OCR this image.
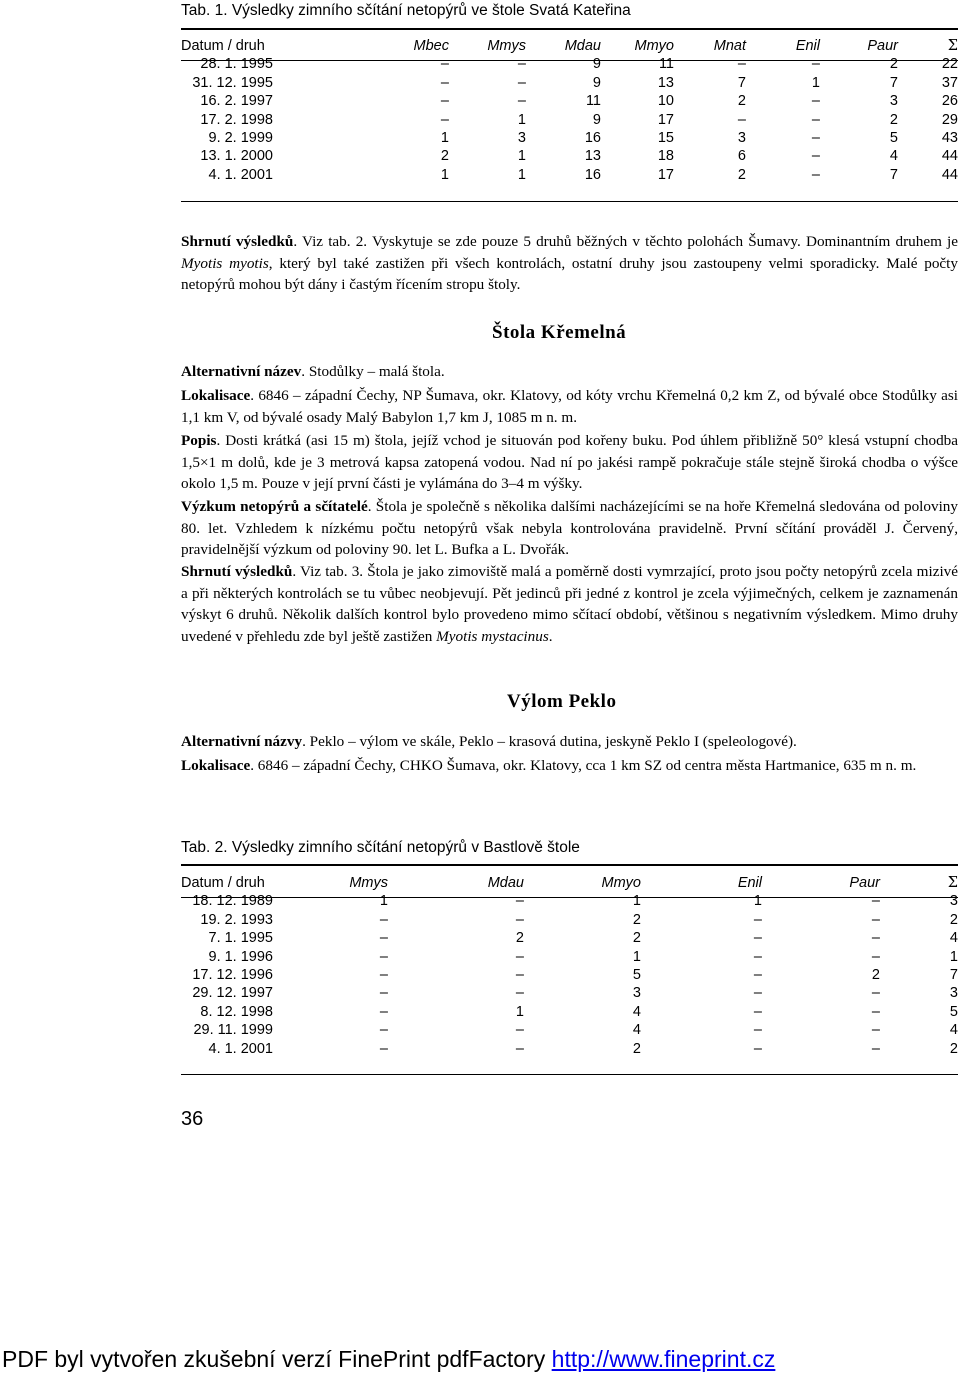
Tab. 1. Výsledky zimního sčítání netopýrů ve štole Svatá Kateřina
Datum / druh	Mbec	Mmys	Mdau	Mmyo	Mnat	Enil	Paur	Σ
28. 1. 1995	–	–	9	11	–	–	2	22
31. 12. 1995	–	–	9	13	7	1	7	37
16. 2. 1997	–	–	11	10	2	–	3	26
17. 2. 1998	–	1	9	17	–	–	2	29
9. 2. 1999	1	3	16	15	3	–	5	43
13. 1. 2000	2	1	13	18	6	–	4	44
4. 1. 2001	1	1	16	17	2	–	7	44
Shrnutí výsledků. Viz tab. 2. Vyskytuje se zde pouze 5 druhů běžných v těchto polohách Šumavy. Dominantním druhem je Myotis myotis, který byl také zastižen při všech kontrolách, ostatní druhy jsou zastoupeny velmi sporadicky. Malé počty netopýrů mohou být dány i častým řícením stropu štoly.
Štola Křemelná
Alternativní název. Stodůlky – malá štola.
Lokalisace. 6846 – západní Čechy, NP Šumava, okr. Klatovy, od kóty vrchu Křemelná 0,2 km Z, od bývalé obce Stodůlky asi 1,1 km V, od bývalé osady Malý Babylon 1,7 km J, 1085 m n. m.
Popis. Dosti krátká (asi 15 m) štola, jejíž vchod je situován pod kořeny buku. Pod úhlem přibližně 50° klesá vstupní chodba 1,5×1 m dolů, kde je 3 metrová kapsa zatopená vodou. Nad ní po jakési rampě pokračuje stále stejně široká chodba o výšce okolo 1,5 m. Pouze v její první části je vylámána do 3–4 m výšky.
Výzkum netopýrů a sčítatelé. Štola je společně s několika dalšími nacházejícími se na hoře Křemelná sledována od poloviny 80. let. Vzhledem k nízkému počtu netopýrů však nebyla kontrolována pravidelně. První sčítání prováděl J. Červený, pravidelnější výzkum od poloviny 90. let L. Bufka a L. Dvořák.
Shrnutí výsledků. Viz tab. 3. Štola je jako zimoviště malá a poměrně dosti vymrzající, proto jsou počty netopýrů zcela mizivé a při některých kontrolách se tu vůbec neobjevují. Pět jedinců při jedné z kontrol je zcela výjimečných, celkem je zaznamenán výskyt 6 druhů. Několik dalších kontrol bylo provedeno mimo sčítací období, většinou s negativním výsledkem. Mimo druhy uvedené v přehledu zde byl ještě zastižen Myotis mystacinus.
Výlom Peklo
Alternativní názvy. Peklo – výlom ve skále, Peklo – krasová dutina, jeskyně Peklo I (speleologové).
Lokalisace. 6846 – západní Čechy, CHKO Šumava, okr. Klatovy, cca 1 km SZ od centra města Hartmanice, 635 m n. m.
Tab. 2. Výsledky zimního sčítání netopýrů v Bastlově štole
Datum / druh	Mmys	Mdau	Mmyo	Enil	Paur	Σ
18. 12. 1989	1	–	1	1	–	3
19. 2. 1993	–	–	2	–	–	2
7. 1. 1995	–	2	2	–	–	4
9. 1. 1996	–	–	1	–	–	1
17. 12. 1996	–	–	5	–	2	7
29. 12. 1997	–	–	3	–	–	3
8. 12. 1998	–	1	4	–	–	5
29. 11. 1999	–	–	4	–	–	4
4. 1. 2001	–	–	2	–	–	2
36
PDF byl vytvořen zkušební verzí FinePrint pdfFactory http://www.fineprint.cz
